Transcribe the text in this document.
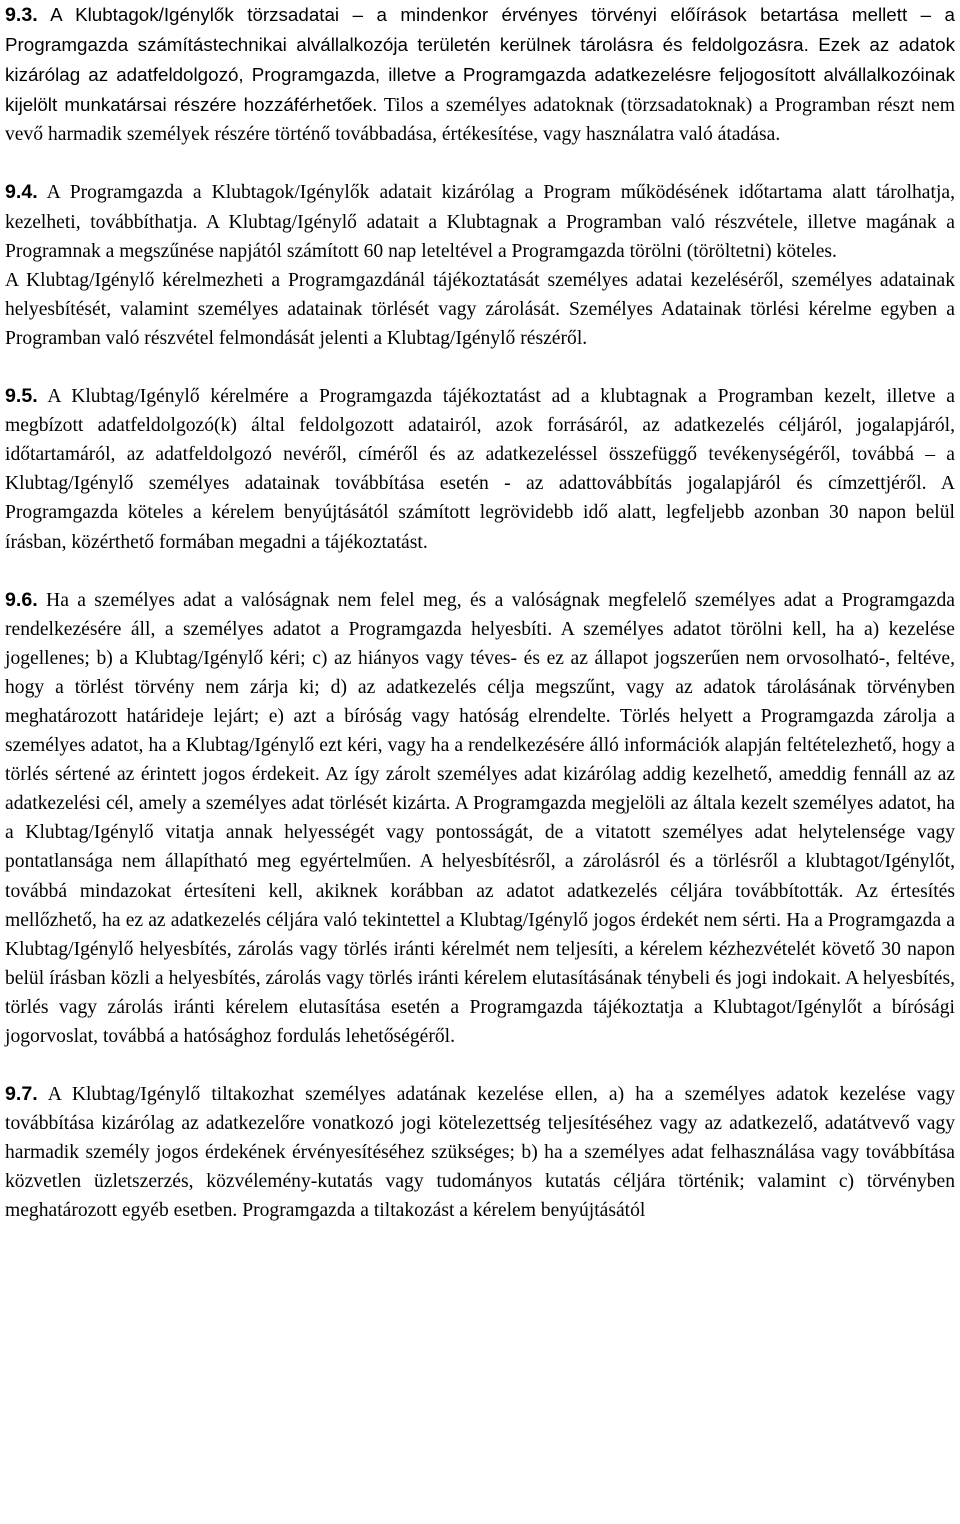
9.3. A Klubtagok/Igénylők törzsadatai – a mindenkor érvényes törvényi előírások betartása mellett – a Programgazda számítástechnikai alvállalkozója területén kerülnek tárolásra és feldolgozásra. Ezek az adatok kizárólag az adatfeldolgozó, Programgazda, illetve a Programgazda adatkezelésre feljogosított alvállalkozóinak kijelölt munkatársai részére hozzáférhetőek. Tilos a személyes adatoknak (törzsadatoknak) a Programban részt nem vevő harmadik személyek részére történő továbbadása, értékesítése, vagy használatra való átadása.

9.4. A Programgazda a Klubtagok/Igénylők adatait kizárólag a Program működésének időtartama alatt tárolhatja, kezelheti, továbbíthatja. A Klubtag/Igénylő adatait a Klubtagnak a Programban való részvétele, illetve magának a Programnak a megszűnése napjától számított 60 nap leteltével a Programgazda törölni (töröltetni) köteles.
A Klubtag/Igénylő kérelmezheti a Programgazdánál tájékoztatását személyes adatai kezeléséről, személyes adatainak helyesbítését, valamint személyes adatainak törlését vagy zárolását. Személyes Adatainak törlési kérelme egyben a Programban való részvétel felmondását jelenti a Klubtag/Igénylő részéről.

9.5. A Klubtag/Igénylő kérelmére a Programgazda tájékoztatást ad a klubtagnak a Programban kezelt, illetve a megbízott adatfeldolgozó(k) által feldolgozott adatairól, azok forrásáról, az adatkezelés céljáról, jogalapjáról, időtartamáról, az adatfeldolgozó nevéről, címéről és az adatkezeléssel összefüggő tevékenységéről, továbbá – a Klubtag/Igénylő személyes adatainak továbbítása esetén - az adattovábbítás jogalapjáról és címzettjéről. A Programgazda köteles a kérelem benyújtásától számított legrövidebb idő alatt, legfeljebb azonban 30 napon belül írásban, közérthető formában megadni a tájékoztatást.

9.6. Ha a személyes adat a valóságnak nem felel meg, és a valóságnak megfelelő személyes adat a Programgazda rendelkezésére áll, a személyes adatot a Programgazda helyesbíti. A személyes adatot törölni kell, ha a) kezelése jogellenes; b) a Klubtag/Igénylő kéri; c) az hiányos vagy téves- és ez az állapot jogszerűen nem orvosolható-, feltéve, hogy a törlést törvény nem zárja ki; d) az adatkezelés célja megszűnt, vagy az adatok tárolásának törvényben meghatározott határideje lejárt; e) azt a bíróság vagy hatóság elrendelte. Törlés helyett a Programgazda zárolja a személyes adatot, ha a Klubtag/Igénylő ezt kéri, vagy ha a rendelkezésére álló információk alapján feltételezhető, hogy a törlés sértené az érintett jogos érdekeit. Az így zárolt személyes adat kizárólag addig kezelhető, ameddig fennáll az az adatkezelési cél, amely a személyes adat törlését kizárta. A Programgazda megjelöli az általa kezelt személyes adatot, ha a Klubtag/Igénylő vitatja annak helyességét vagy pontosságát, de a vitatott személyes adat helytelensége vagy pontatlansága nem állapítható meg egyértelműen. A helyesbítésről, a zárolásról és a törlésről a klubtagot/Igénylőt, továbbá mindazokat értesíteni kell, akiknek korábban az adatot adatkezelés céljára továbbították. Az értesítés mellőzhető, ha ez az adatkezelés céljára való tekintettel a Klubtag/Igénylő jogos érdekét nem sérti. Ha a Programgazda a Klubtag/Igénylő helyesbítés, zárolás vagy törlés iránti kérelmét nem teljesíti, a kérelem kézhezvételét követő 30 napon belül írásban közli a helyesbítés, zárolás vagy törlés iránti kérelem elutasításának ténybeli és jogi indokait. A helyesbítés, törlés vagy zárolás iránti kérelem elutasítása esetén a Programgazda tájékoztatja a Klubtagot/Igénylőt a bírósági jogorvoslat, továbbá a hatósághoz fordulás lehetőségéről.

9.7. A Klubtag/Igénylő tiltakozhat személyes adatának kezelése ellen, a) ha a személyes adatok kezelése vagy továbbítása kizárólag az adatkezelőre vonatkozó jogi kötelezettség teljesítéséhez vagy az adatkezelő, adatátvevő vagy harmadik személy jogos érdekének érvényesítéséhez szükséges; b) ha a személyes adat felhasználása vagy továbbítása közvetlen üzletszerzés, közvélemény-kutatás vagy tudományos kutatás céljára történik; valamint c) törvényben meghatározott egyéb esetben. Programgazda a tiltakozást a kérelem benyújtásától
